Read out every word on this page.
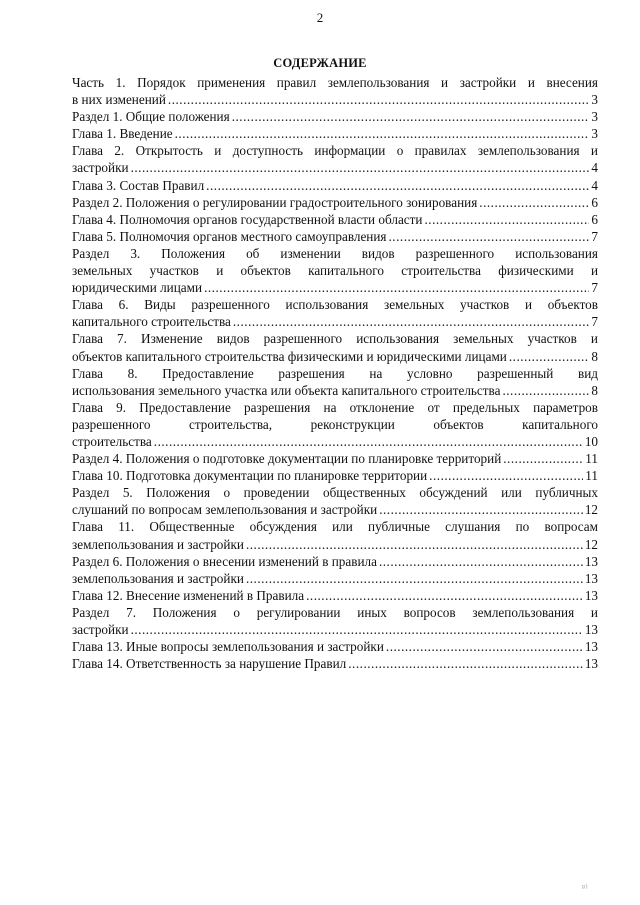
2
СОДЕРЖАНИЕ
Часть 1. Порядок применения правил землепользования и застройки и внесения
в них изменений .....	3
Раздел 1. Общие положения .....	3
Глава 1. Введение .....	3
Глава 2. Открытость и доступность информации о правилах землепользования и
застройки .....	4
Глава 3. Состав Правил .....	4
Раздел 2. Положения о регулировании градостроительного зонирования .....	6
Глава 4. Полномочия органов государственной власти области .....	6
Глава 5. Полномочия органов местного самоуправления .....	7
Раздел 3. Положения об изменении видов разрешенного использования
земельных участков и объектов капитального строительства физическими и
юридическими лицами .....	7
Глава 6. Виды разрешенного использования земельных участков и объектов
капитального строительства .....	7
Глава 7. Изменение видов разрешенного использования земельных участков и
объектов капитального строительства физическими и юридическими лицами .....	8
Глава 8. Предоставление разрешения на условно разрешенный вид
использования земельного участка или объекта капитального строительства .....	8
Глава 9. Предоставление разрешения на отклонение от предельных параметров
разрешенного строительства, реконструкции объектов капитального
строительства .....	10
Раздел 4. Положения о подготовке документации по планировке территорий .....	11
Глава 10. Подготовка документации по планировке территории .....	11
Раздел 5. Положения о проведении общественных обсуждений или публичных
слушаний по вопросам землепользования и застройки .....	12
Глава 11. Общественные обсуждения или публичные слушания по вопросам
землепользования и застройки .....	12
Раздел 6. Положения о внесении изменений в правила .....	13
землепользования и застройки .....	13
Глава 12. Внесение изменений в Правила .....	13
Раздел 7. Положения о регулировании иных вопросов землепользования и
застройки .....	13
Глава 13. Иные вопросы землепользования и застройки .....	13
Глава 14. Ответственность за нарушение Правил .....	13
ﾛﾄ
